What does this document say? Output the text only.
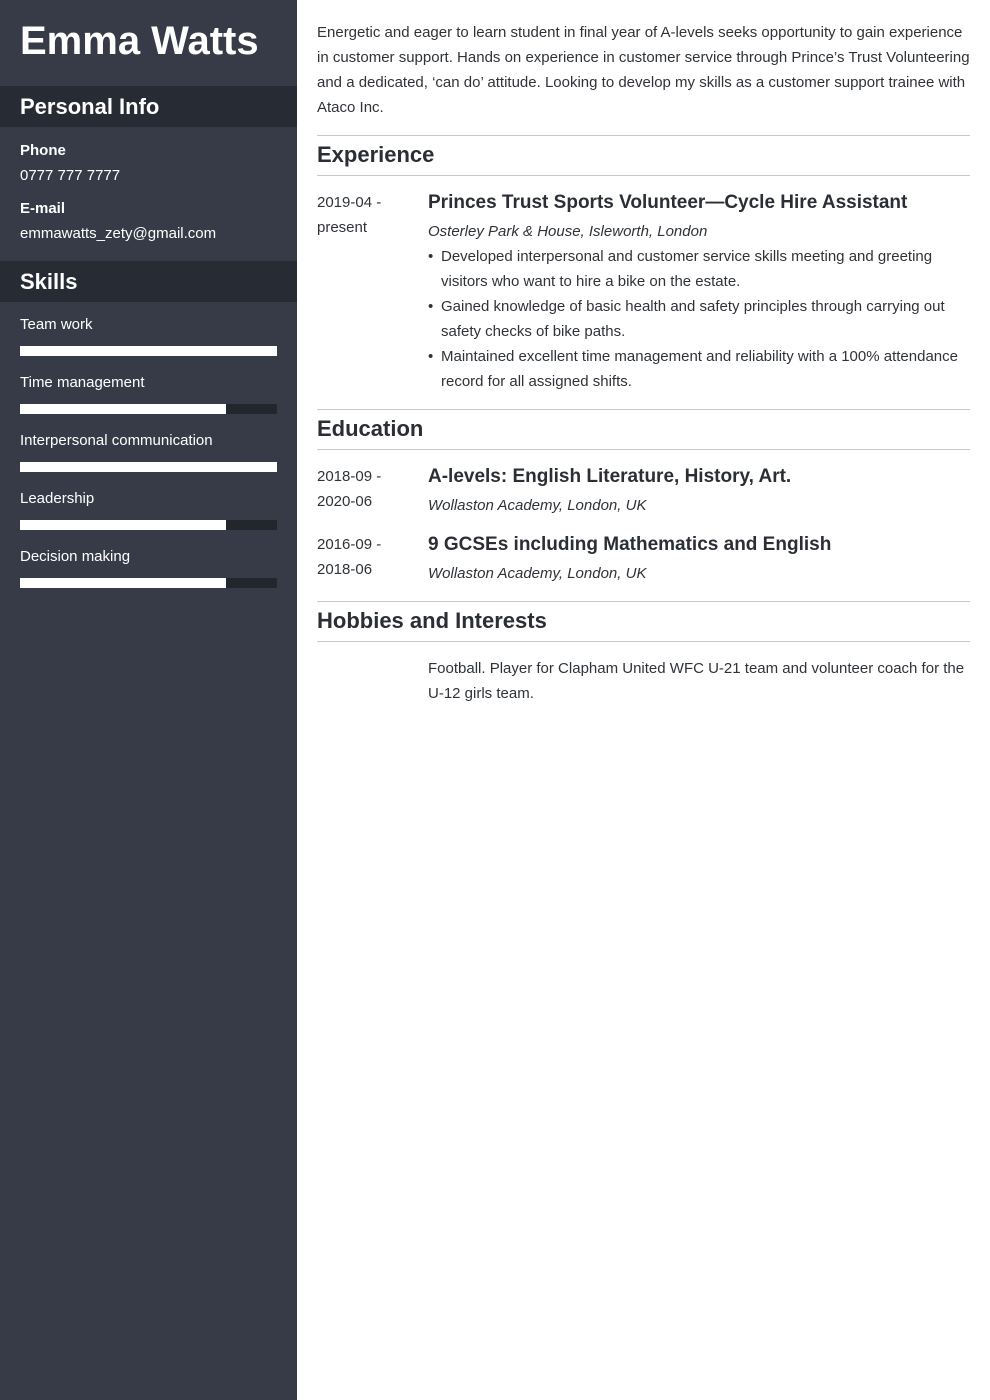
Emma Watts
Personal Info

Phone

0777 777 7777

E-mail

emmawatts_zety@gmail.com

Skills

Team work

Time management

Interpersonal communication

Leadership

Decision making

Energetic and eager to learn student in final year of A-levels seeks opportunity to gain experience in customer support. Hands on experience in customer service through Prince’s Trust Volunteering and a dedicated, ‘can do’ attitude. Looking to develop my skills as a customer support trainee with Ataco Inc.

Experience
2019-04 -
present

Princes Trust Sports Volunteer—Cycle Hire Assistant

Osterley Park & House, Isleworth, London

• Developed interpersonal and customer service skills meeting and greeting visitors who want to hire a bike on the estate.
• Gained knowledge of basic health and safety principles through carrying out safety checks of bike paths.
• Maintained excellent time management and reliability with a 100% attendance record for all assigned shifts.
Education
2018-09 -
2020-06

A-levels: English Literature, History, Art.

Wollaston Academy, London, UK

2016-09 -
2018-06

9 GCSEs including Mathematics and English

Wollaston Academy, London, UK

Hobbies and Interests

Football. Player for Clapham United WFC U-21 team and volunteer coach for the U-12 girls team.
